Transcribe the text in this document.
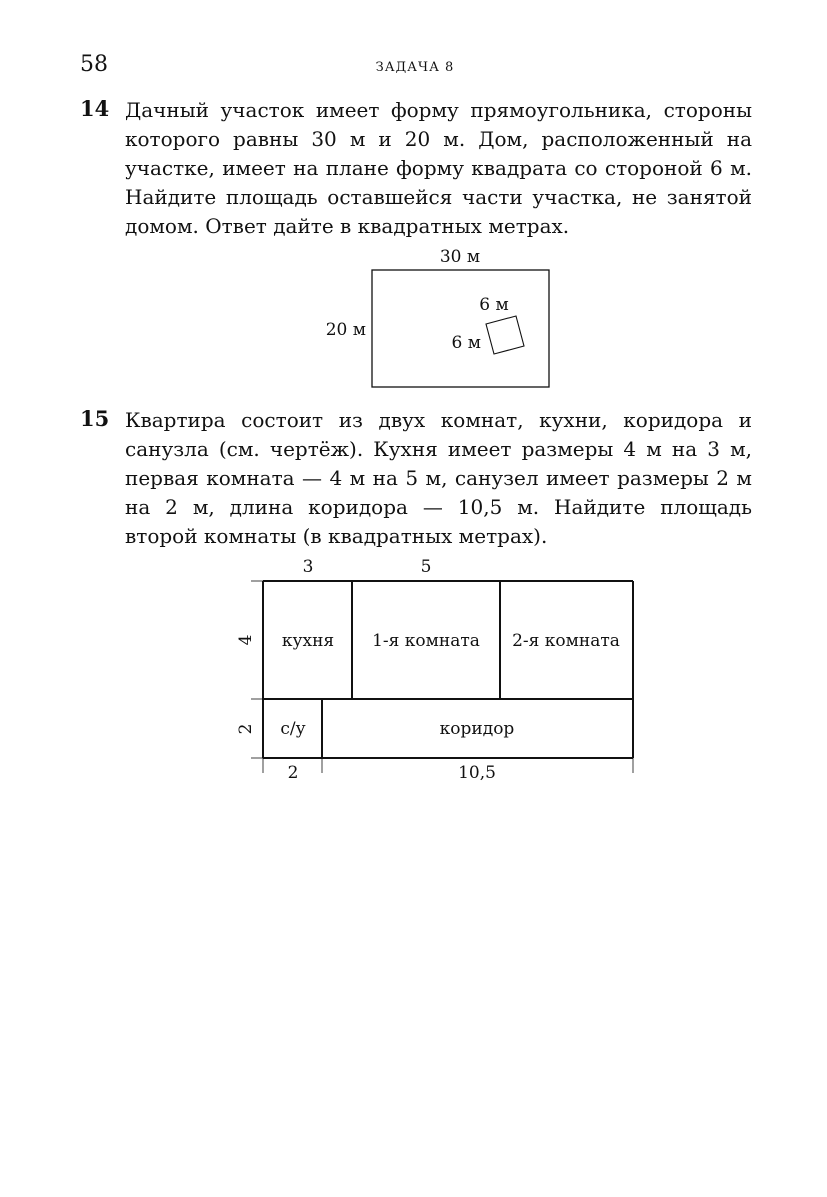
58	ЗАДАЧА 8
14 Дачный участок имеет форму прямоугольника, стороны которого равны 30 м и 20 м. Дом, расположенный на участке, имеет на плане форму квадрата со стороной 6 м. Найдите площадь оставшейся части участка, не занятой домом. Ответ дайте в квадратных метрах.
30 м
20 м
6 м
6 м
15 Квартира состоит из двух комнат, кухни, коридора и санузла (см. чертёж). Кухня имеет размеры 4 м на 3 м, первая комната — 4 м на 5 м, санузел имеет размеры 2 м на 2 м, длина коридора — 10,5 м. Найдите площадь второй комнаты (в квадратных метрах).
3	5
4
2
2	10,5
кухня 1-я комната 2-я комната
с/у	коридор
